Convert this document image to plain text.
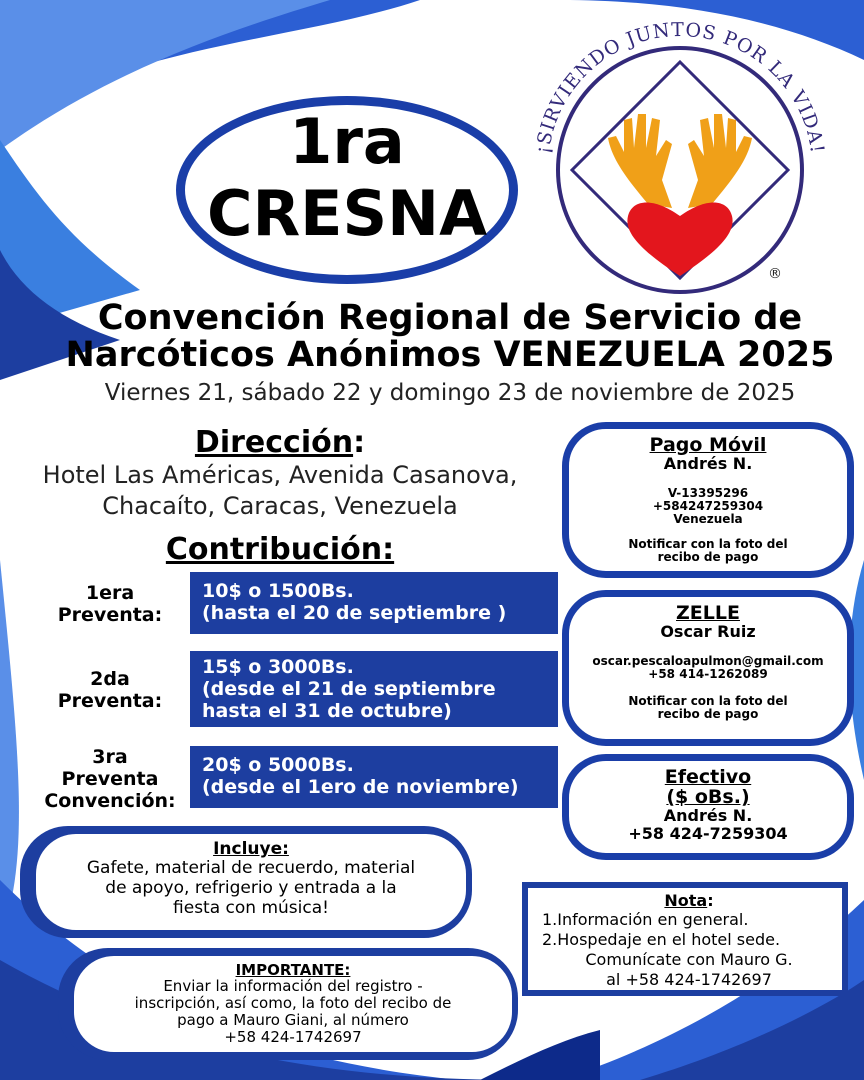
¡SIRVIENDO JUNTOS POR LA VIDA!
®
1ra
CRESNA
Convención Regional de Servicio de
Narcóticos Anónimos VENEZUELA 2025
Viernes 21, sábado 22 y domingo 23 de noviembre de 2025
Dirección:
Hotel Las Américas, Avenida Casanova,
Chacaíto, Caracas, Venezuela
Contribución:
1era
Preventa:
10$ o 1500Bs.
(hasta el 20 de septiembre )
2da
Preventa:
15$ o 3000Bs.
(desde el 21 de septiembre
hasta el 31 de octubre)
3ra
Preventa
Convención:
20$ o 5000Bs.
(desde el 1ero de noviembre)
Pago Móvil
Andrés N.
V-13395296
+584247259304
Venezuela
Notificar con la foto del
recibo de pago
ZELLE
Oscar Ruiz
oscar.pescaloapulmon@gmail.com
+58 414-1262089
Notificar con la foto del
recibo de pago
Efectivo
($ oBs.)
Andrés N.
+58 424-7259304
Incluye:
Gafete, material de recuerdo, material
de apoyo, refrigerio y entrada a la
fiesta con música!
IMPORTANTE:
Enviar la información del registro -
inscripción, así como, la foto del recibo de
pago a Mauro Giani, al número
+58 424-1742697
Nota:
1.Información en general.
2.Hospedaje en el hotel sede.
Comunícate con Mauro G.
al +58 424-1742697
